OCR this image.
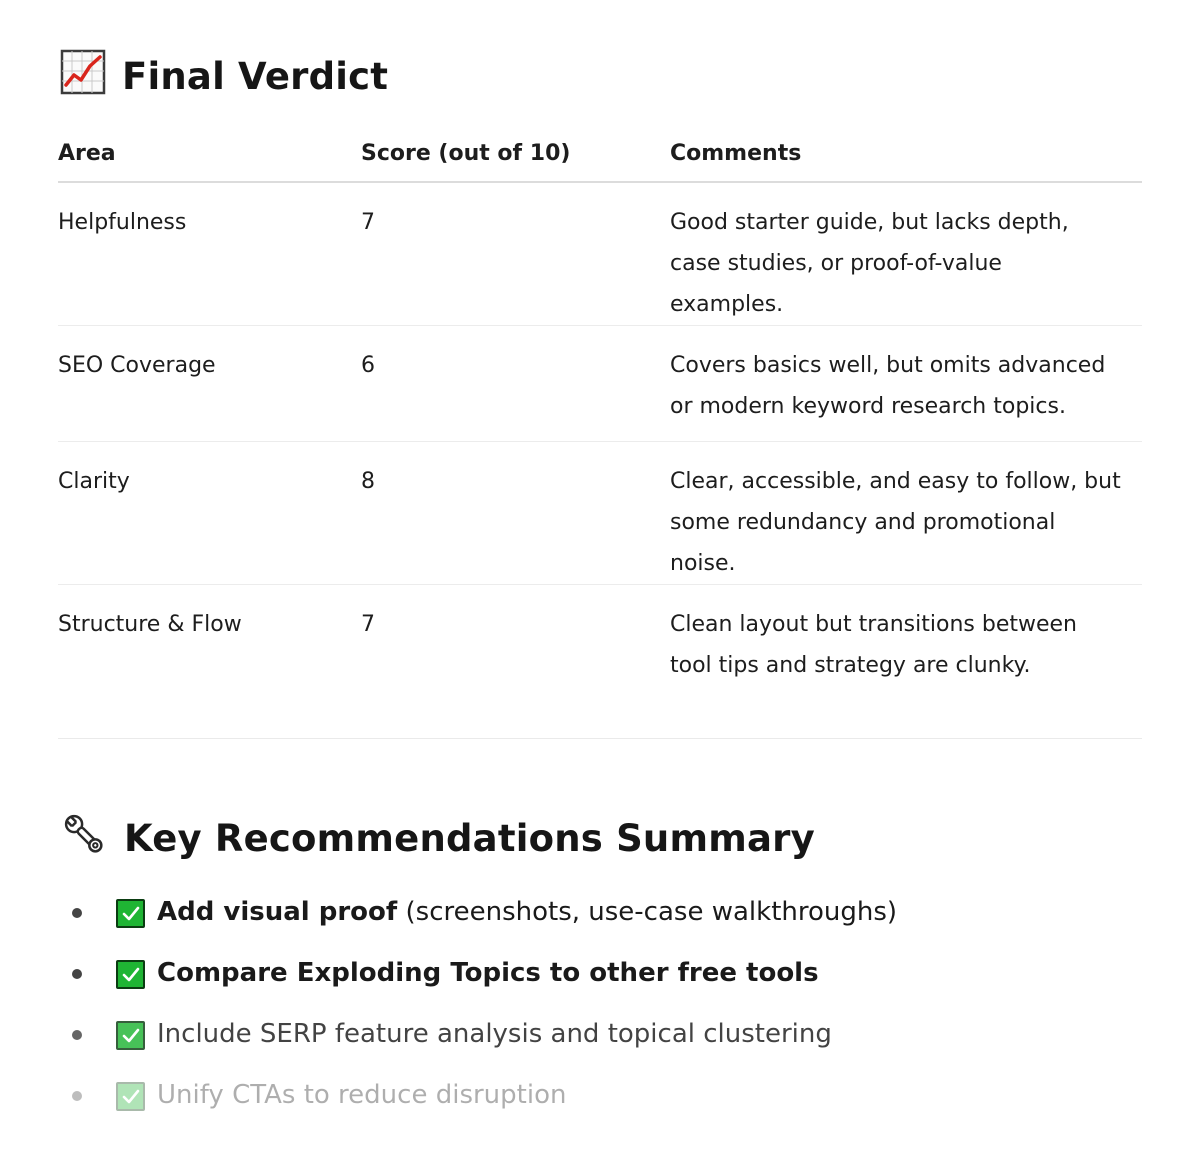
Final Verdict
Area	Score (out of 10)	Comments
Helpfulness	7	Good starter guide, but lacks depth, case studies, or proof-of-value examples.
SEO Coverage	6	Covers basics well, but omits advanced or modern keyword research topics.
Clarity	8	Clear, accessible, and easy to follow, but some redundancy and promotional noise.
Structure & Flow	7	Clean layout but transitions between tool tips and strategy are clunky.
Key Recommendations Summary
Add visual proof (screenshots, use-case walkthroughs)
Compare Exploding Topics to other free tools
Include SERP feature analysis and topical clustering
Unify CTAs to reduce disruption
